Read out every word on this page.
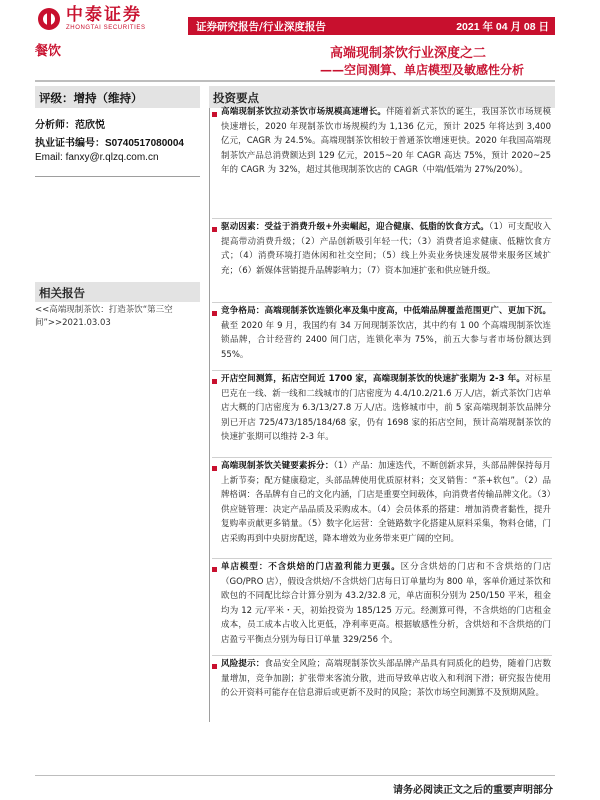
中泰证券
ZHONGTAI SECURITIES	证券研究报告/行业深度报告	2021 年 04 月 08 日
餐饮	高端现制茶饮行业深度之二
——空间测算、单店模型及敏感性分析
评级：增持（维持）
分析师：范欣悦
执业证书编号：S0740517080004
Email: fanxy@r.qlzq.com.cn
相关报告
<<高端现制茶饮：打造茶饮“第三空间”>>2021.03.03
投资要点
高端现制茶饮拉动茶饮市场规模高速增长。伴随着新式茶饮的诞生，我国茶饮市场规模快速增长，2020 年现制茶饮市场规模约为 1,136 亿元，预计 2025 年将达到 3,400 亿元，CAGR 为 24.5%。高端现制茶饮相较于普通茶饮增速更快。2020 年我国高端现制茶饮产品总消费额达到 129 亿元，2015~20 年 CAGR 高达 75%，预计 2020~25 年的 CAGR 为 32%，超过其他现制茶饮店的 CAGR（中端/低端为 27%/20%）。
驱动因素：受益于消费升级+外卖崛起，迎合健康、低脂的饮食方式。（1）可支配收入提高带动消费升级；（2）产品创新吸引年轻一代；（3）消费者追求健康、低糖饮食方式；（4）消费环境打造休闲和社交空间；（5）线上外卖业务快速发展带来服务区域扩充；（6）新媒体营销提升品牌影响力；（7）资本加速扩张和供应链升级。
竞争格局：高端现制茶饮连锁化率及集中度高，中低端品牌覆盖范围更广、更加下沉。截至 2020 年 9 月，我国约有 34 万间现制茶饮店，其中约有 1 00 个高端现制茶饮连锁品牌，合计经营约 2400 间门店，连锁化率为 75%，前五大参与者市场份额达到 55%。
开店空间测算，拓店空间近 1700 家，高端现制茶饮的快速扩张期为 2-3 年。对标星巴克在一线、新一线和二线城市的门店密度为 4.4/10.2/21.6 万人/店，新式茶饮门店单店大概的门店密度为 6.3/13/27.8 万人/店。选修城市中，前 5 家高端现制茶饮品牌分别已开店 725/473/185/184/68 家，仍有 1698 家的拓店空间，预计高端现制茶饮的快速扩张期可以维持 2-3 年。
高端现制茶饮关键要素拆分：（1）产品：加速迭代，不断创新求异，头部品牌保持每月上新节奏；配方健康稳定，头部品牌使用优质原材料；交叉销售：“茶+软包”。（2）品牌格调：各品牌有自己的文化内涵，门店是重要空间载体，向消费者传输品牌文化。（3）供应链管理：决定产品品质及采购成本。（4）会员体系的搭建：增加消费者黏性，提升复购率贡献更多销量。（5）数字化运营：全链路数字化搭建从原料采集，物料仓储，门店采购再到中央厨房配送，降本增效为业务带来更广阔的空间。
单店模型：不含烘焙的门店盈利能力更强。区分含烘焙的门店和不含烘焙的门店（GO/PRO 店），假设含烘焙/不含烘焙门店每日订单量均为 800 单，客单价通过茶饮和欧包的不同配比综合计算分别为 43.2/32.8 元，单店面积分别为 250/150 平米，租金均为 12 元/平米・天，初始投资为 185/125 万元。经测算可得，不含烘焙的门店租金成本，员工成本占收入比更低，净利率更高。根据敏感性分析，含烘焙和不含烘焙的门店盈亏平衡点分别为每日订单量 329/256 个。
风险提示：食品安全风险；高端现制茶饮头部品牌产品具有同质化的趋势，随着门店数量增加，竞争加剧；扩张带来客流分散，进而导致单店收入和利润下滑；研究报告使用的公开资料可能存在信息滞后或更新不及时的风险；茶饮市场空间测算不及预期风险。
请务必阅读正文之后的重要声明部分
